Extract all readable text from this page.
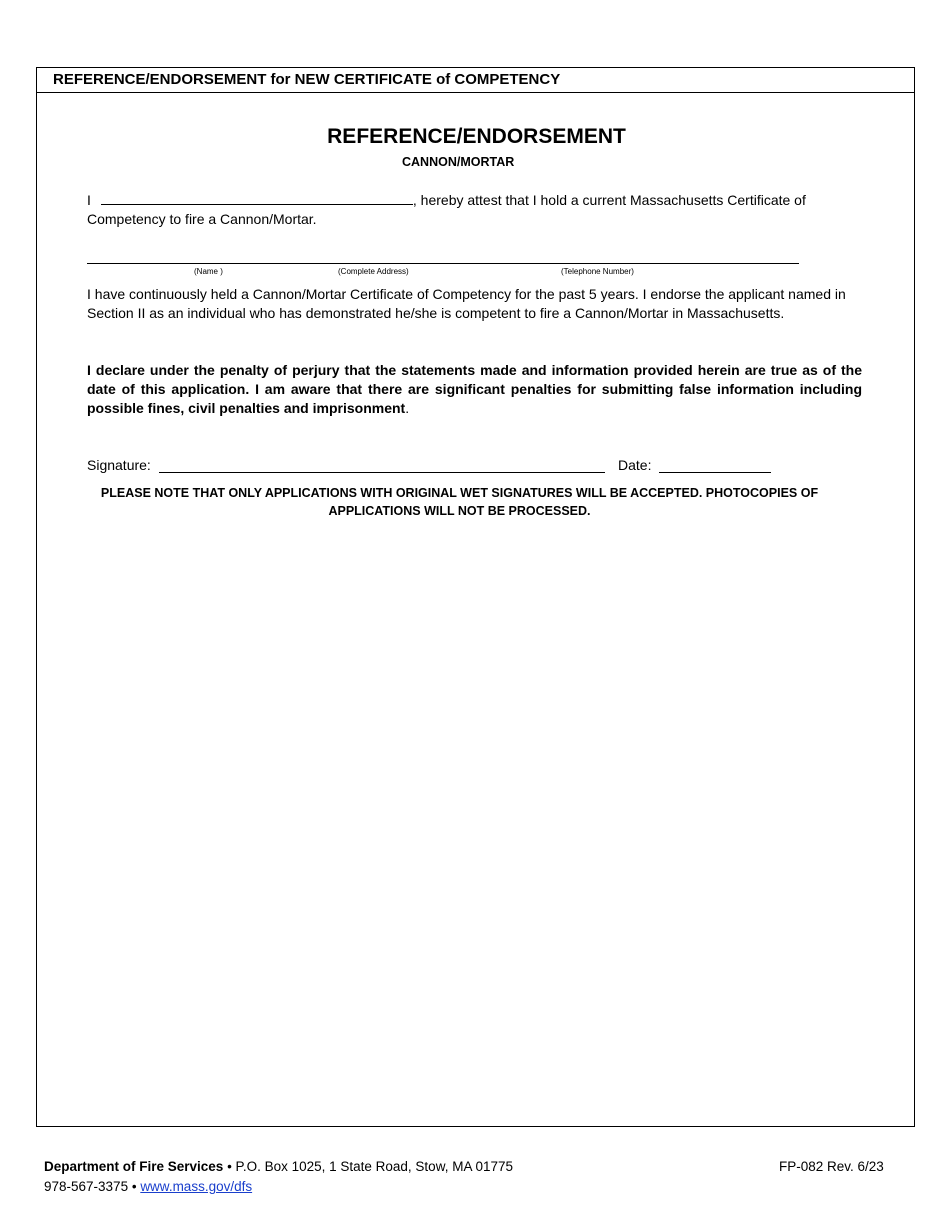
REFERENCE/ENDORSEMENT for NEW CERTIFICATE of COMPETENCY
REFERENCE/ENDORSEMENT
CANNON/MORTAR
I	, hereby attest that I hold a current Massachusetts Certificate of Competency to fire a Cannon/Mortar.
(Name )	(Complete Address)	(Telephone Number)
I have continuously held a Cannon/Mortar Certificate of Competency for the past 5 years. I endorse the applicant named in Section II as an individual who has demonstrated he/she is competent to fire a Cannon/Mortar in Massachusetts.
I declare under the penalty of perjury that the statements made and information provided herein are true as of the date of this application. I am aware that there are significant penalties for submitting false information including possible fines, civil penalties and imprisonment.
Signature:	Date:
PLEASE NOTE THAT ONLY APPLICATIONS WITH ORIGINAL WET SIGNATURES WILL BE ACCEPTED. PHOTOCOPIES OF APPLICATIONS WILL NOT BE PROCESSED.
Department of Fire Services • P.O. Box 1025, 1 State Road, Stow, MA 01775
978-567-3375 • www.mass.gov/dfs
FP-082 Rev. 6/23
